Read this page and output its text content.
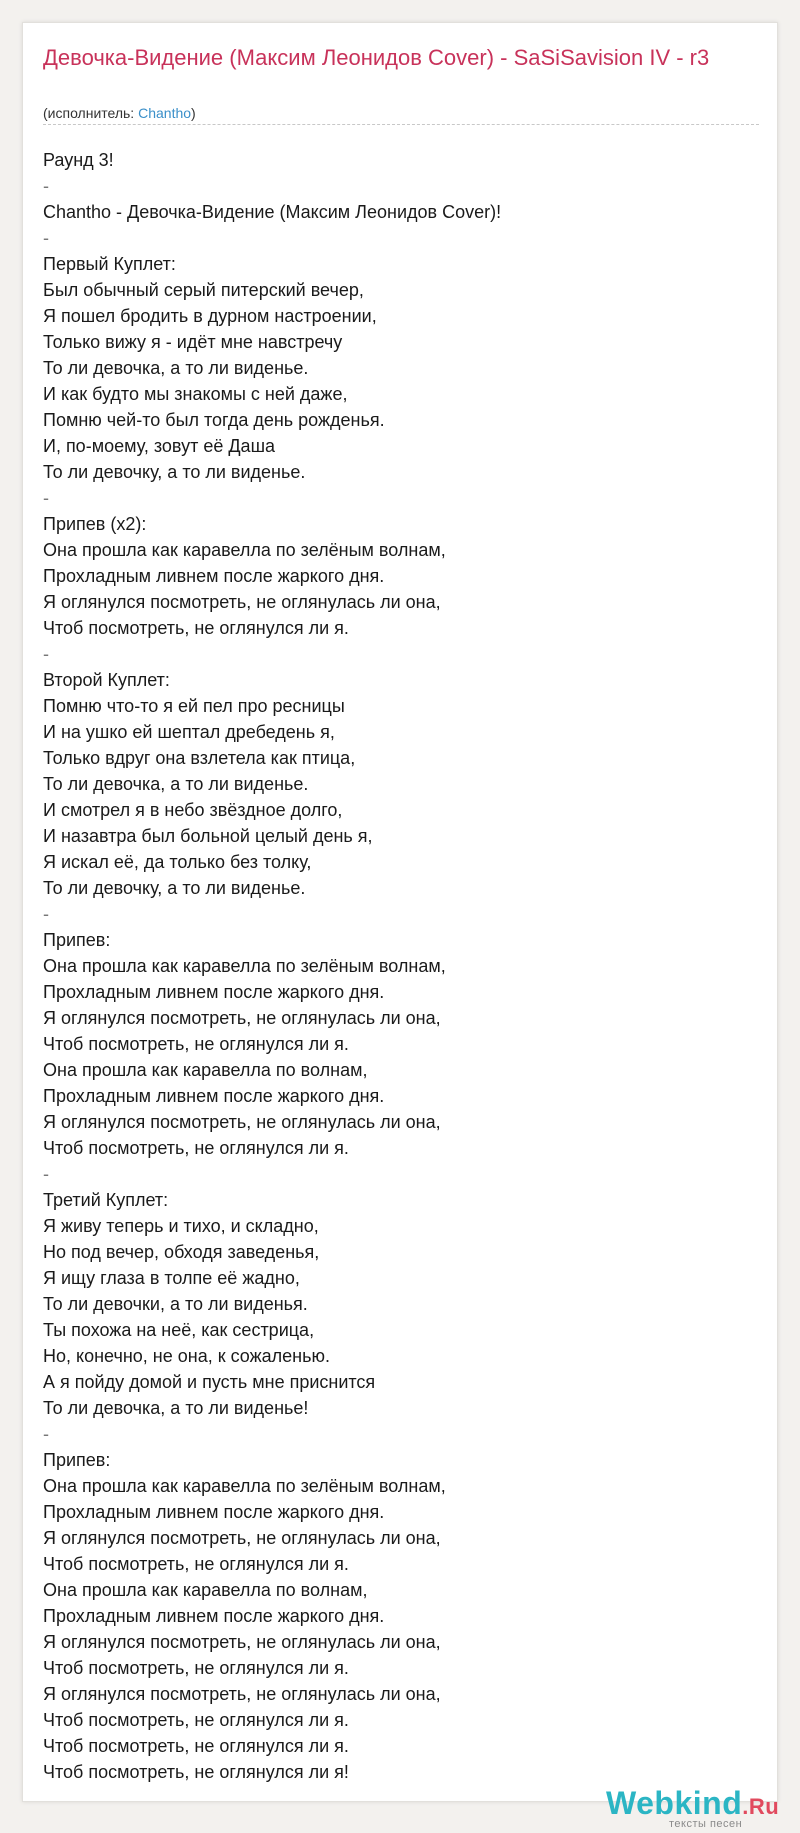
Девочка-Видение (Максим Леонидов Cover) - SaSiSavision IV - r3
(исполнитель: Chantho)
Раунд 3!
-
Chantho - Девочка-Видение (Максим Леонидов Cover)!
-
Первый Куплет:
Был обычный серый питерский вечер,
Я пошел бродить в дурном настроении,
Только вижу я - идёт мне навстречу
То ли девочка, а то ли виденье.
И как будто мы знакомы с ней даже,
Помню чей-то был тогда день рожденья.
И, по-моему, зовут её Даша
То ли девочку, а то ли виденье.
-
Припев (x2):
Она прошла как каравелла по зелёным волнам,
Прохладным ливнем после жаркого дня.
Я оглянулся посмотреть, не оглянулась ли она,
Чтоб посмотреть, не оглянулся ли я.
-
Второй Куплет:
Помню что-то я ей пел про ресницы
И на ушко ей шептал дребедень я,
Только вдруг она взлетела как птица,
То ли девочка, а то ли виденье.
И смотрел я в небо звёздное долго,
И назавтра был больной целый день я,
Я искал её, да только без толку,
То ли девочку, а то ли виденье.
-
Припев:
Она прошла как каравелла по зелёным волнам,
Прохладным ливнем после жаркого дня.
Я оглянулся посмотреть, не оглянулась ли она,
Чтоб посмотреть, не оглянулся ли я.
Она прошла как каравелла по волнам,
Прохладным ливнем после жаркого дня.
Я оглянулся посмотреть, не оглянулась ли она,
Чтоб посмотреть, не оглянулся ли я.
-
Третий Куплет:
Я живу теперь и тихо, и складно,
Но под вечер, обходя заведенья,
Я ищу глаза в толпе её жадно,
То ли девочки, а то ли виденья.
Ты похожа на неё, как сестрица,
Но, конечно, не она, к сожаленью.
А я пойду домой и пусть мне приснится
То ли девочка, а то ли виденье!
-
Припев:
Она прошла как каравелла по зелёным волнам,
Прохладным ливнем после жаркого дня.
Я оглянулся посмотреть, не оглянулась ли она,
Чтоб посмотреть, не оглянулся ли я.
Она прошла как каравелла по волнам,
Прохладным ливнем после жаркого дня.
Я оглянулся посмотреть, не оглянулась ли она,
Чтоб посмотреть, не оглянулся ли я.
Я оглянулся посмотреть, не оглянулась ли она,
Чтоб посмотреть, не оглянулся ли я.
Чтоб посмотреть, не оглянулся ли я.
Чтоб посмотреть, не оглянулся ли я!
Webkind.Ru
тексты песен
